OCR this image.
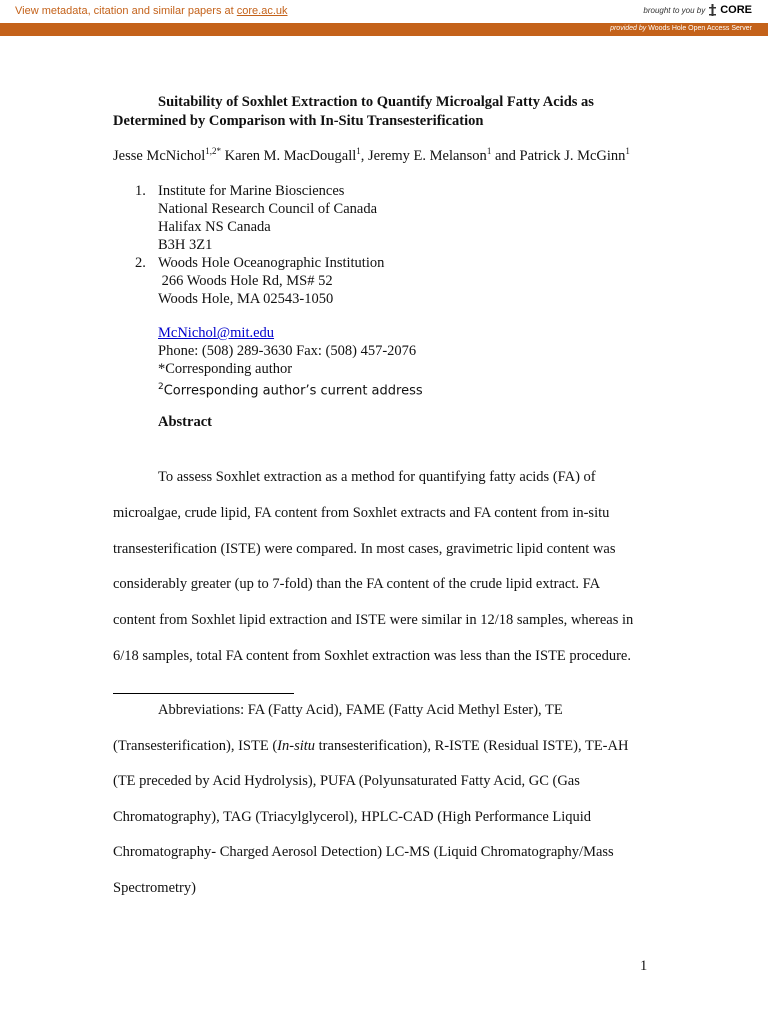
View metadata, citation and similar papers at core.ac.uk	brought to you by CORE
provided by Woods Hole Open Access Server
Suitability of Soxhlet Extraction to Quantify Microalgal Fatty Acids as
Determined by Comparison with In-Situ Transesterification
Jesse McNichol$^{1,2*}$ Karen M. MacDougall$^1$, Jeremy E. Melanson$^1$ and Patrick J. McGinn$^1$
1. Institute for Marine Biosciences
National Research Council of Canada
Halifax NS Canada
B3H 3Z1
2. Woods Hole Oceanographic Institution
266 Woods Hole Rd, MS# 52
Woods Hole, MA 02543-1050
McNichol@mit.edu
Phone: (508) 289-3630 Fax: (508) 457-2076
*Corresponding author
$^2$Corresponding author’s current address
Abstract
To assess Soxhlet extraction as a method for quantifying fatty acids (FA) of
microalgae, crude lipid, FA content from Soxhlet extracts and FA content from in-situ
transesterification (ISTE) were compared. In most cases, gravimetric lipid content was
considerably greater (up to 7-fold) than the FA content of the crude lipid extract. FA
content from Soxhlet lipid extraction and ISTE were similar in 12/18 samples, whereas in
6/18 samples, total FA content from Soxhlet extraction was less than the ISTE procedure.
Abbreviations: FA (Fatty Acid), FAME (Fatty Acid Methyl Ester), TE
(Transesterification), ISTE (In-situ transesterification), R-ISTE (Residual ISTE), TE-AH
(TE preceded by Acid Hydrolysis), PUFA (Polyunsaturated Fatty Acid, GC (Gas
Chromatography), TAG (Triacylglycerol), HPLC-CAD (High Performance Liquid
Chromatography- Charged Aerosol Detection) LC-MS (Liquid Chromatography/Mass
Spectrometry)
1
